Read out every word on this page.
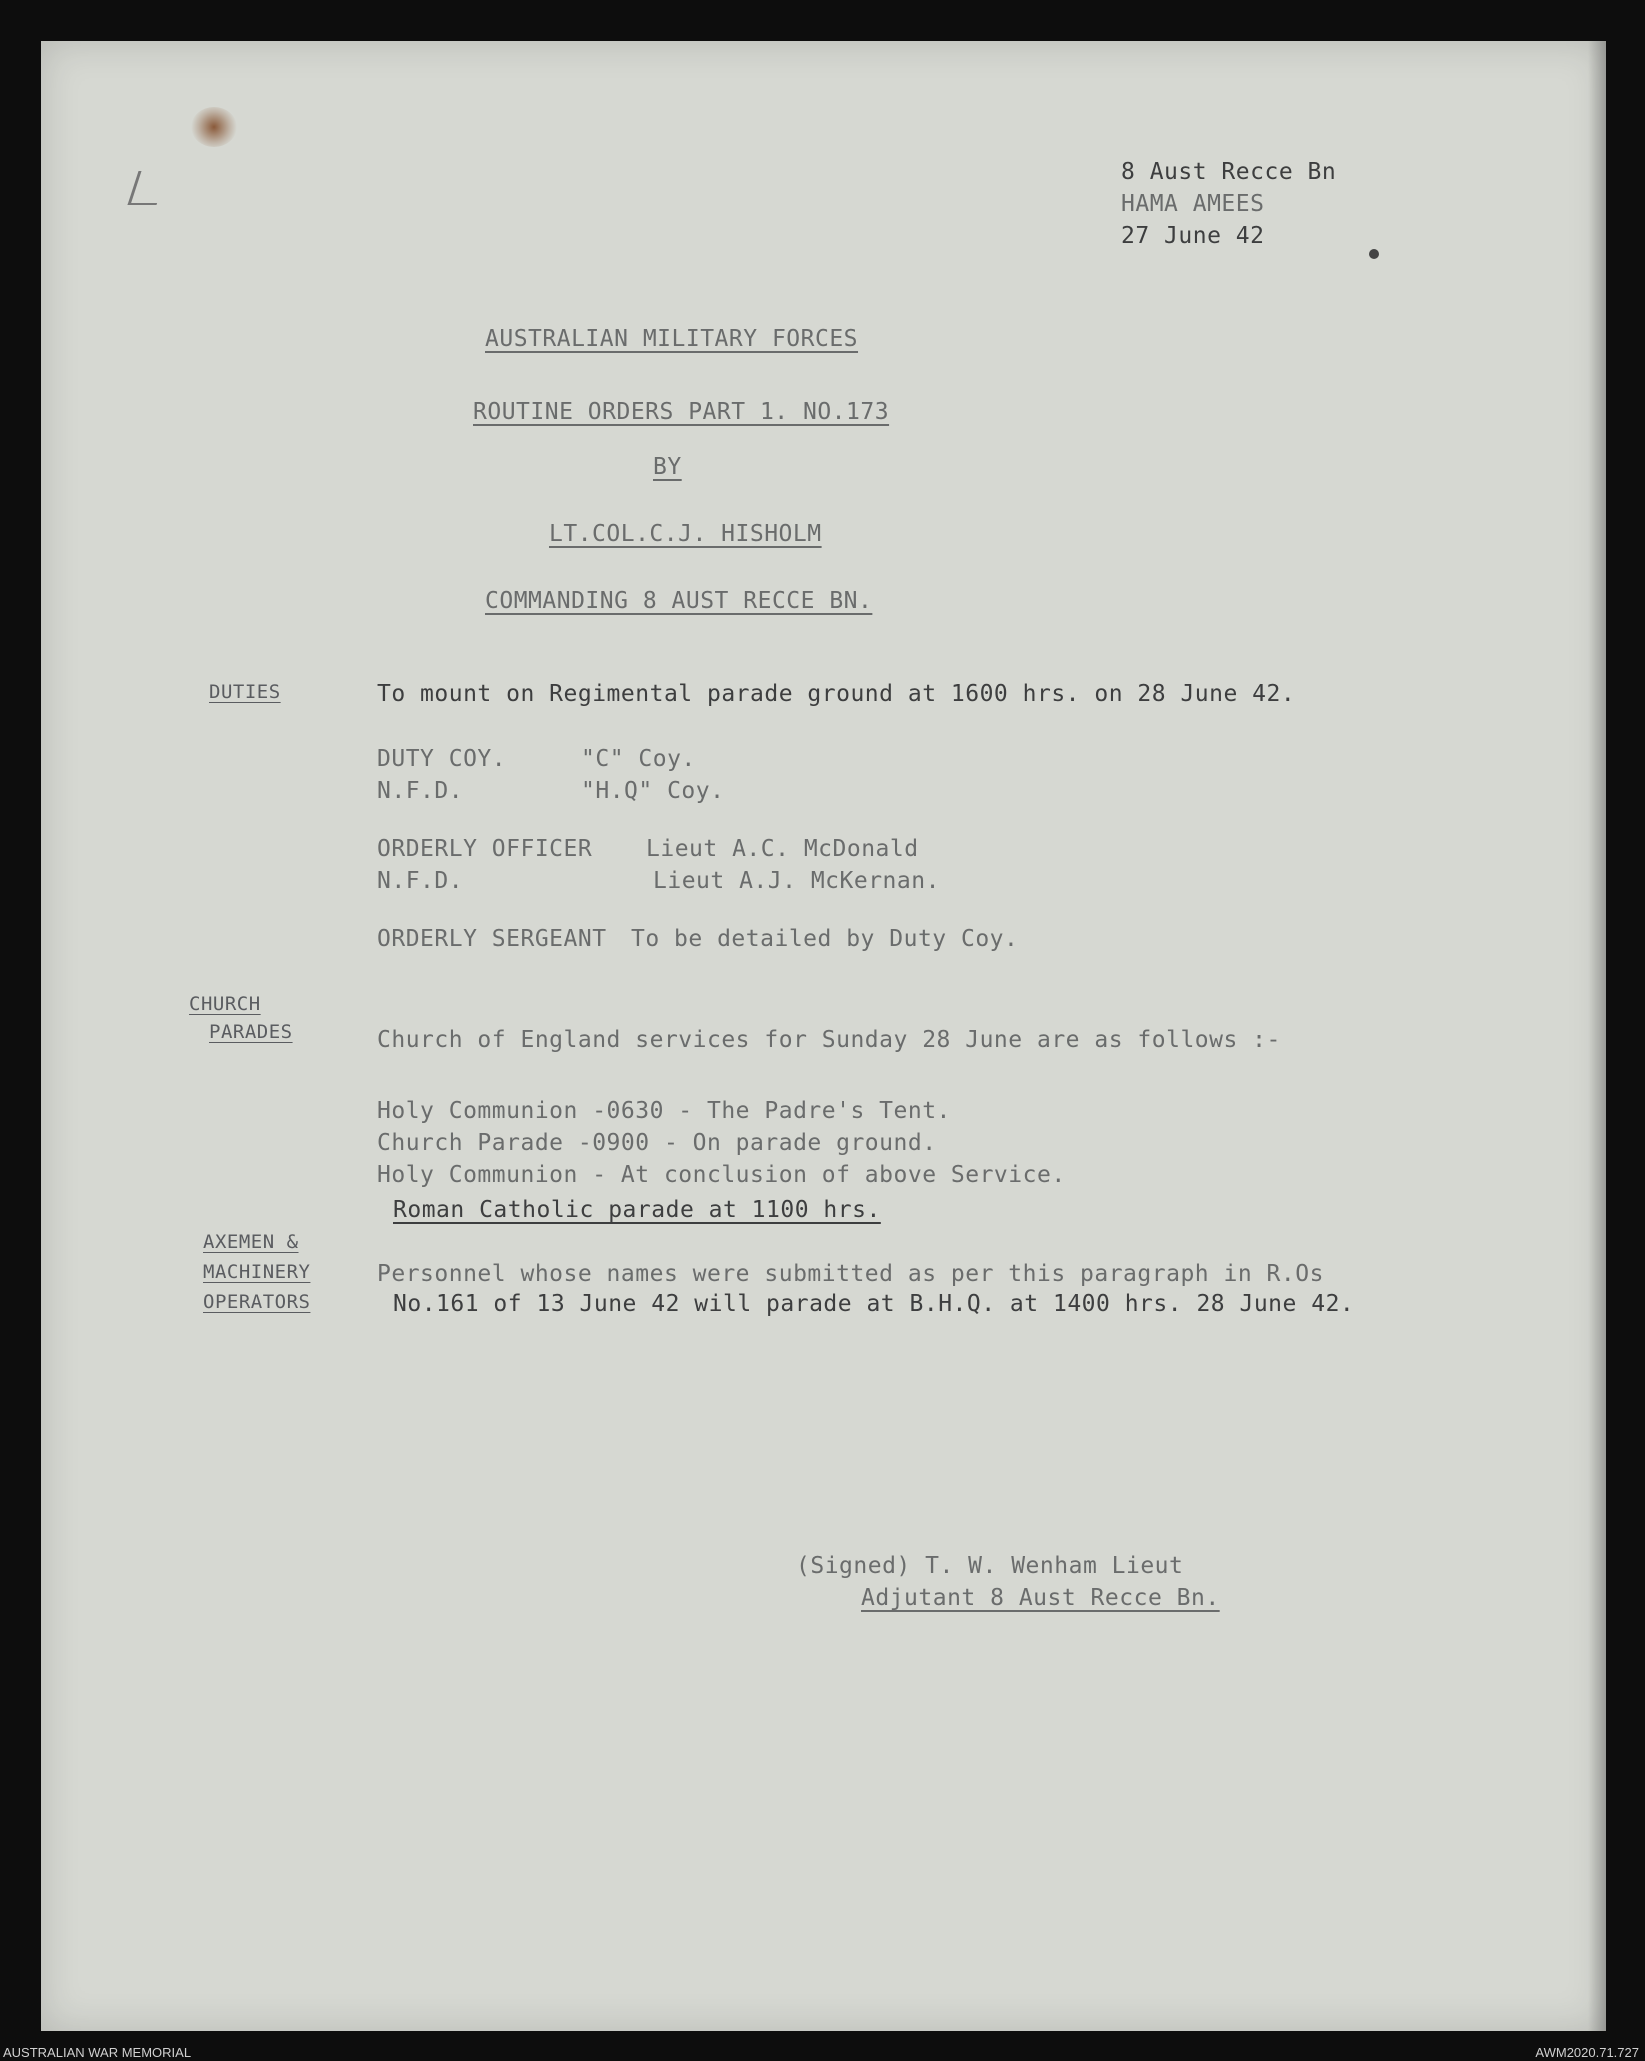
8 Aust Recce Bn
HAMA AMEES
27 June 42
AUSTRALIAN MILITARY FORCES
ROUTINE ORDERS PART 1. NO.173
BY
LT.COL.C.J. HISHOLM
COMMANDING 8 AUST RECCE BN.
DUTIES	To mount on Regimental parade ground at 1600 hrs. on 28 June 42.
DUTY COY.	"C" Coy.
N.F.D.	"H.Q" Coy.
ORDERLY OFFICER Lieut A.C. McDonald
N.F.D.	Lieut A.J. McKernan.
ORDERLY SERGEANT To be detailed by Duty Coy.
CHURCH
PARADES	Church of England services for Sunday 28 June are as follows :-
Holy Communion -0630 - The Padre's Tent.
Church Parade -0900 - On parade ground.
Holy Communion - At conclusion of above Service.
Roman Catholic parade at 1100 hrs.
AXEMEN &
MACHINERY
OPERATORS
Personnel whose names were submitted as per this paragraph in R.Os
No.161 of 13 June 42 will parade at B.H.Q. at 1400 hrs. 28 June 42.
(Signed) T. W. Wenham Lieut
Adjutant 8 Aust Recce Bn.
AUSTRALIAN WAR MEMORIAL	AWM2020.71.727
